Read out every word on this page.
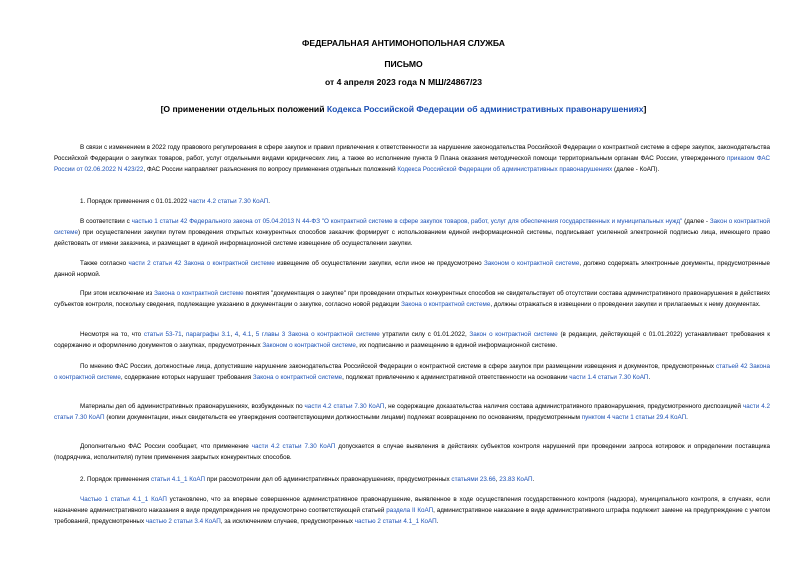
ФЕДЕРАЛЬНАЯ АНТИМОНОПОЛЬНАЯ СЛУЖБА
ПИСЬМО
от 4 апреля 2023 года N МШ/24867/23
[О применении отдельных положений Кодекса Российской Федерации об административных правонарушениях]

В связи с изменением в 2022 году правового регулирования в сфере закупок и правил привлечения к ответственности за нарушение законодательства Российской Федерации о контрактной системе в сфере закупок, законодательства Российской Федерации о закупках товаров, работ, услуг отдельными видами юридических лиц, а также во исполнение пункта 9 Плана оказания методической помощи территориальным органам ФАС России, утвержденного приказом ФАС России от 02.06.2022 N 423/22, ФАС России направляет разъяснения по вопросу применения отдельных положений Кодекса Российской Федерации об административных правонарушениях (далее - КоАП).

1. Порядок применения с 01.01.2022 части 4.2 статьи 7.30 КоАП.

В соответствии с частью 1 статьи 42 Федерального закона от 05.04.2013 N 44-ФЗ "О контрактной системе в сфере закупок товаров, работ, услуг для обеспечения государственных и муниципальных нужд" (далее - Закон о контрактной системе) при осуществлении закупки путем проведения открытых конкурентных способов заказчик формирует с использованием единой информационной системы, подписывает усиленной электронной подписью лица, имеющего право действовать от имени заказчика, и размещает в единой информационной системе извещение об осуществлении закупки.

Также согласно части 2 статьи 42 Закона о контрактной системе извещение об осуществлении закупки, если иное не предусмотрено Законом о контрактной системе, должно содержать электронные документы, предусмотренные данной нормой.

При этом исключение из Закона о контрактной системе понятия "документация о закупке" при проведении открытых конкурентных способов не свидетельствует об отсутствии состава административного правонарушения в действиях субъектов контроля, поскольку сведения, подлежащие указанию в документации о закупке, согласно новой редакции Закона о контрактной системе, должны отражаться в извещении о проведении закупки и прилагаемых к нему документах.

Несмотря на то, что статьи 53-71, параграфы 3.1, 4, 4.1, 5 главы 3 Закона о контрактной системе утратили силу с 01.01.2022, Закон о контрактной системе (в редакции, действующей с 01.01.2022) устанавливает требования к содержанию и оформлению документов о закупках, предусмотренных Законом о контрактной системе, их подписанию и размещению в единой информационной системе.

По мнению ФАС России, должностные лица, допустившие нарушение законодательства Российской Федерации о контрактной системе в сфере закупок при размещении извещения и документов, предусмотренных статьей 42 Закона о контрактной системе, содержание которых нарушает требования Закона о контрактной системе, подлежат привлечению к административной ответственности на основании части 1.4 статьи 7.30 КоАП.

Материалы дел об административных правонарушениях, возбужденных по части 4.2 статьи 7.30 КоАП, не содержащие доказательства наличия состава административного правонарушения, предусмотренного диспозицией части 4.2 статьи 7.30 КоАП (копии документации, иных свидетельств ее утверждения соответствующими должностными лицами) подлежат возвращению по основаниям, предусмотренным пунктом 4 части 1 статьи 29.4 КоАП.

Дополнительно ФАС России сообщает, что применение части 4.2 статьи 7.30 КоАП допускается в случае выявления в действиях субъектов контроля нарушений при проведении запроса котировок и определении поставщика (подрядчика, исполнителя) путем применения закрытых конкурентных способов.

2. Порядок применения статьи 4.1_1 КоАП при рассмотрении дел об административных правонарушениях, предусмотренных статьями 23.66, 23.83 КоАП.

Частью 1 статьи 4.1_1 КоАП установлено, что за впервые совершенное административное правонарушение, выявленное в ходе осуществления государственного контроля (надзора), муниципального контроля, в случаях, если назначение административного наказания в виде предупреждения не предусмотрено соответствующей статьей раздела II КоАП, административное наказание в виде административного штрафа подлежит замене на предупреждение с учетом требований, предусмотренных частью 2 статьи 3.4 КоАП, за исключением случаев, предусмотренных частью 2 статьи 4.1_1 КоАП.
